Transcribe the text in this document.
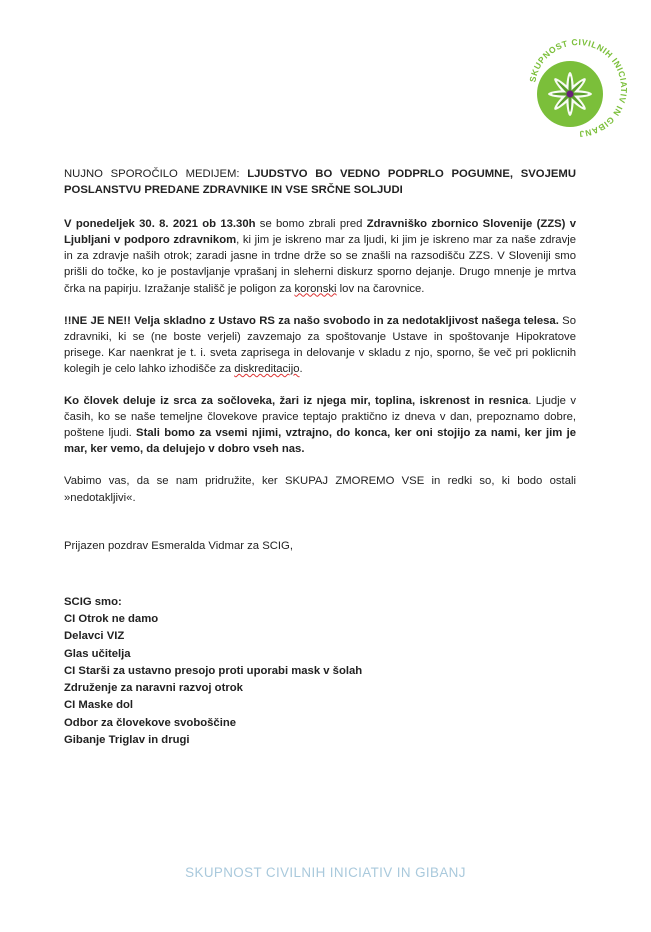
SKUPNOST CIVILNIH INICIATIV IN GIBANJ

NUJNO SPOROČILO MEDIJEM: LJUDSTVO BO VEDNO PODPRLO POGUMNE, SVOJEMU POSLANSTVU PREDANE ZDRAVNIKE IN VSE SRČNE SOLJUDI

V ponedeljek 30. 8. 2021 ob 13.30h se bomo zbrali pred Zdravniško zbornico Slovenije (ZZS) v Ljubljani v podporo zdravnikom, ki jim je iskreno mar za ljudi, ki jim je iskreno mar za naše zdravje in za zdravje naših otrok; zaradi jasne in trdne drže so se znašli na razsodišču ZZS. V Sloveniji smo prišli do točke, ko je postavljanje vprašanj in sleherni diskurz sporno dejanje. Drugo mnenje je mrtva črka na papirju. Izražanje stališč je poligon za koronski lov na čarovnice.

!!NE JE NE!! Velja skladno z Ustavo RS za našo svobodo in za nedotakljivost našega telesa. So zdravniki, ki se (ne boste verjeli) zavzemajo za spoštovanje Ustave in spoštovanje Hipokratove prisege. Kar naenkrat je t. i. sveta zaprisega in delovanje v skladu z njo, sporno, še več pri poklicnih kolegih je celo lahko izhodišče za diskreditacijo.

Ko človek deluje iz srca za sočloveka, žari iz njega mir, toplina, iskrenost in resnica. Ljudje v časih, ko se naše temeljne človekove pravice teptajo praktično iz dneva v dan, prepoznamo dobre, poštene ljudi. Stali bomo za vsemi njimi, vztrajno, do konca, ker oni stojijo za nami, ker jim je mar, ker vemo, da delujejo v dobro vseh nas.

Vabimo vas, da se nam pridružite, ker SKUPAJ ZMOREMO VSE in redki so, ki bodo ostali »nedotakljivi«.

Prijazen pozdrav Esmeralda Vidmar za SCIG,

SCIG smo:
CI Otrok ne damo
Delavci VIZ
Glas učitelja
CI Starši za ustavno presojo proti uporabi mask v šolah
Združenje za naravni razvoj otrok
CI Maske dol
Odbor za človekove svoboščine
Gibanje Triglav in drugi
SKUPNOST CIVILNIH INICIATIV IN GIBANJ
